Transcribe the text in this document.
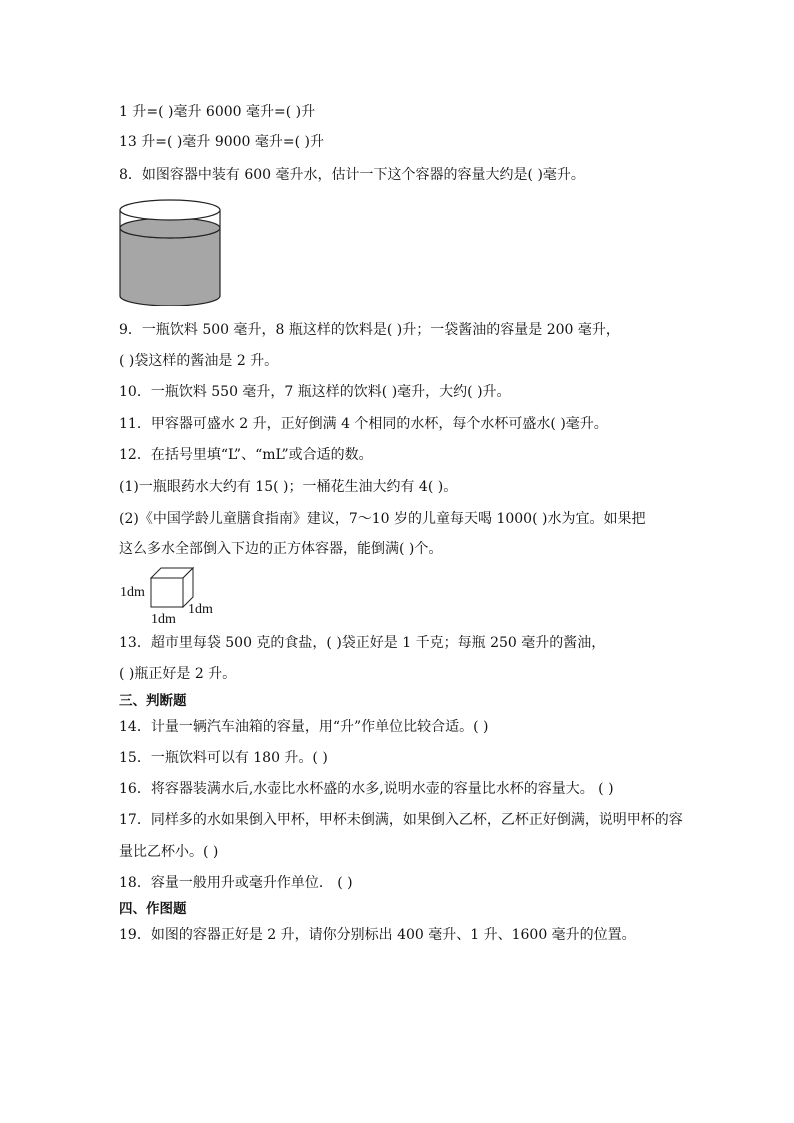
1 升=( )毫升 6000 毫升=( )升
13 升=( )毫升 9000 毫升=( )升
8．如图容器中装有 600 毫升水，估计一下这个容器的容量大约是( )毫升。
9．一瓶饮料 500 毫升，8 瓶这样的饮料是( )升；一袋酱油的容量是 200 毫升，
( )袋这样的酱油是 2 升。
10．一瓶饮料 550 毫升，7 瓶这样的饮料( )毫升，大约( )升。
11．甲容器可盛水 2 升，正好倒满 4 个相同的水杯，每个水杯可盛水( )毫升。
12．在括号里填“L”、“mL”或合适的数。
(1)一瓶眼药水大约有 15( )；一桶花生油大约有 4( )。
(2)《中国学龄儿童膳食指南》建议，7～10 岁的儿童每天喝 1000( )水为宜。如果把
这么多水全部倒入下边的正方体容器，能倒满( )个。
1dm
1dm
1dm
13．超市里每袋 500 克的食盐，( )袋正好是 1 千克；每瓶 250 毫升的酱油，
( )瓶正好是 2 升。
三、判断题
14．计量一辆汽车油箱的容量，用“升”作单位比较合适。( )
15．一瓶饮料可以有 180 升。( )
16．将容器装满水后,水壶比水杯盛的水多,说明水壶的容量比水杯的容量大。 ( )
17．同样多的水如果倒入甲杯，甲杯未倒满，如果倒入乙杯，乙杯正好倒满，说明甲杯的容
量比乙杯小。( )
18．容量一般用升或毫升作单位． ( )
四、作图题
19．如图的容器正好是 2 升，请你分别标出 400 毫升、1 升、1600 毫升的位置。
